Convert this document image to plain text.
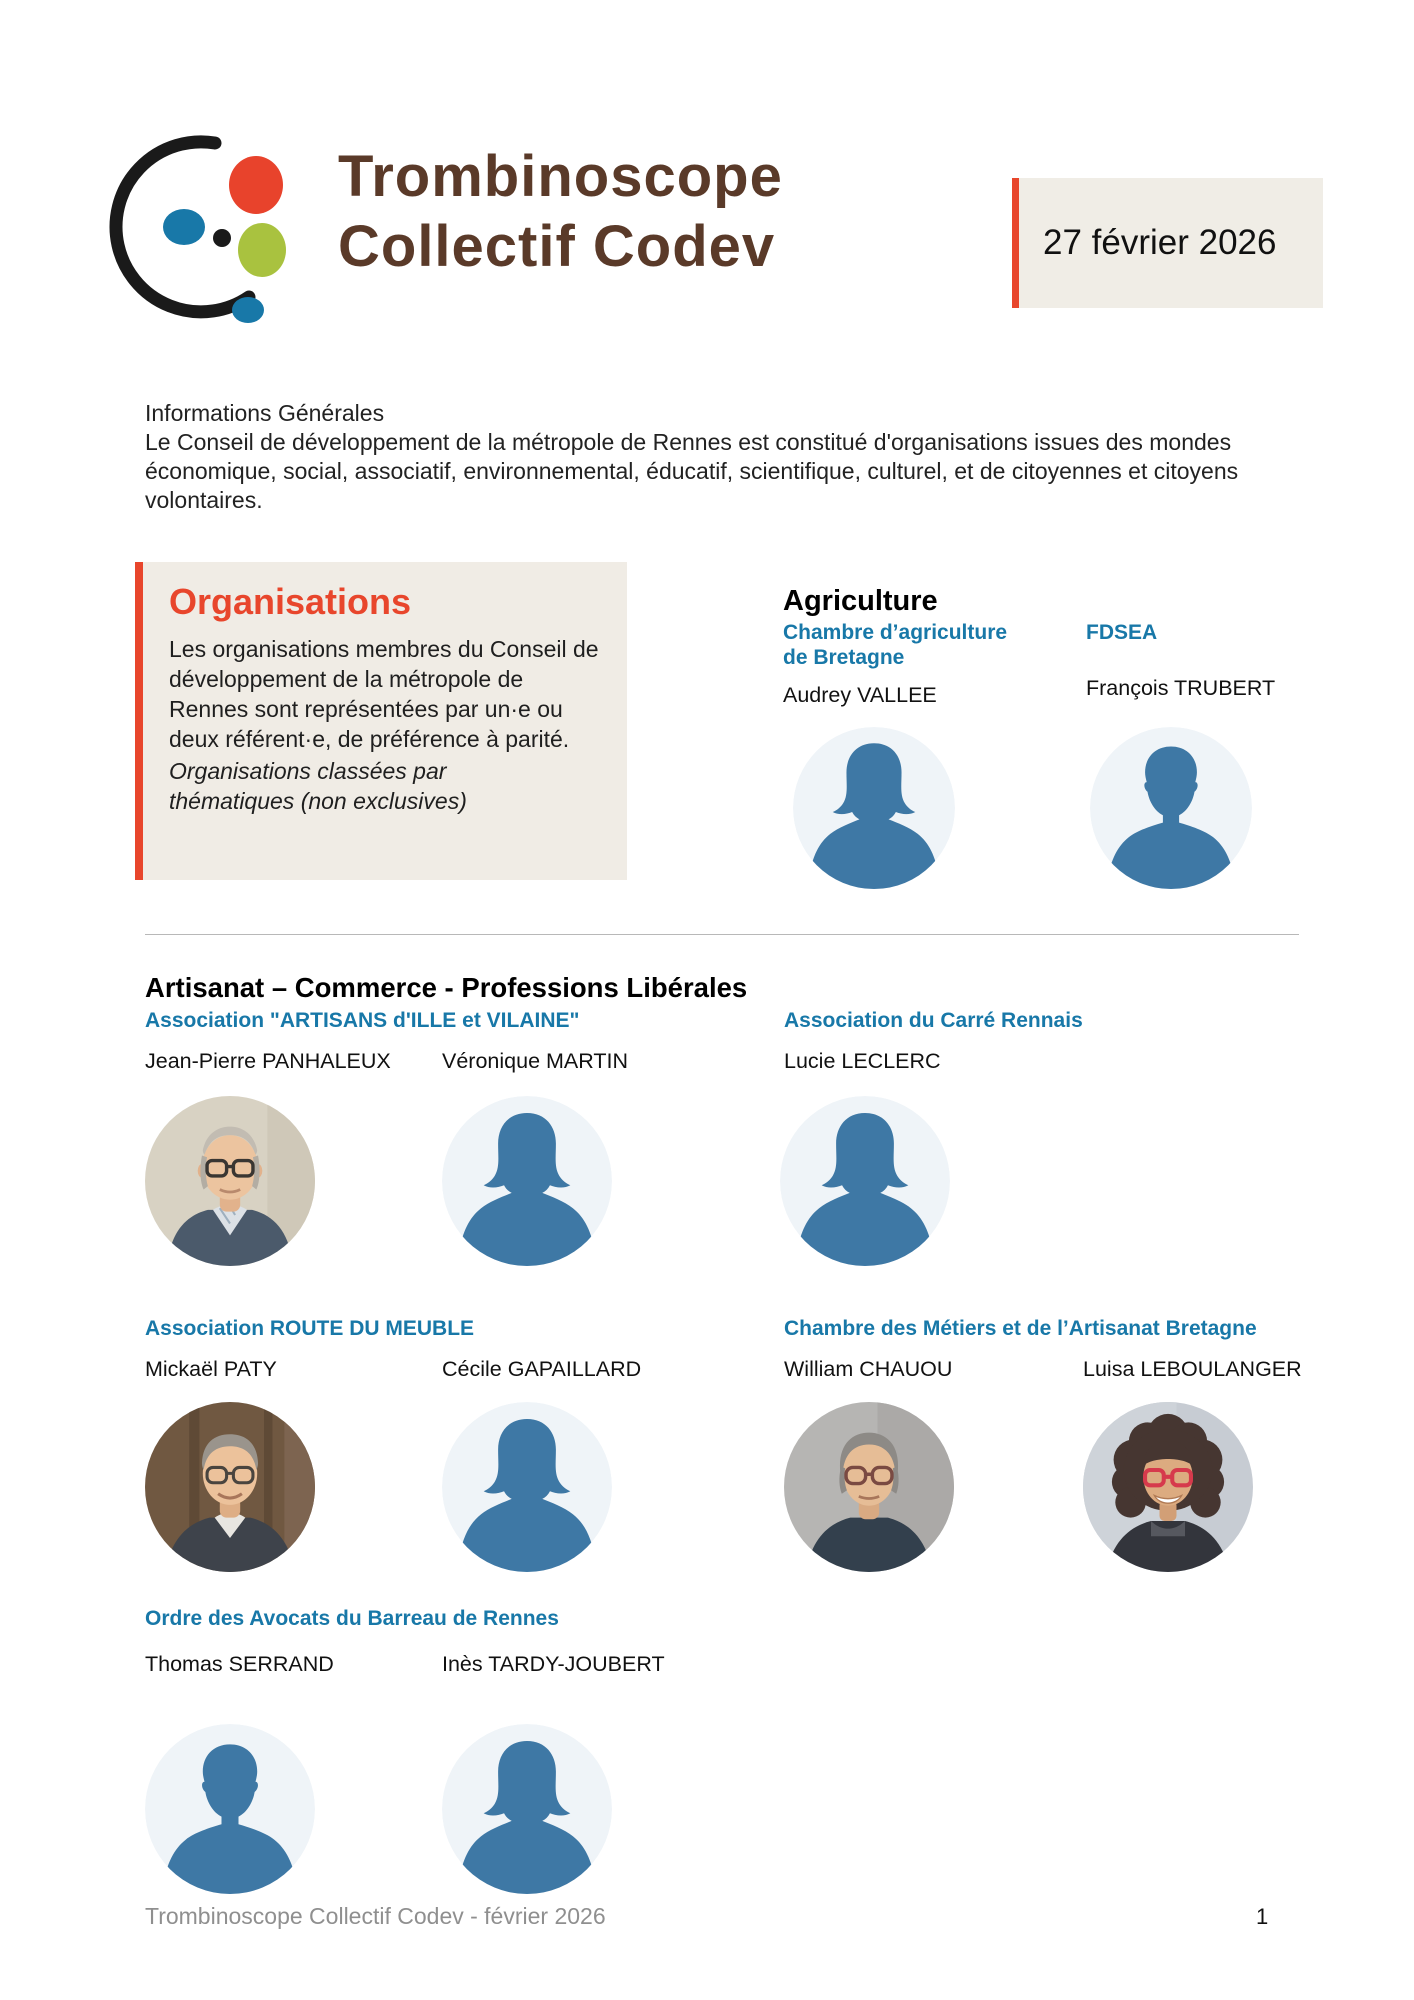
Trombinoscope
Collectif Codev	27 février 2026
Informations Générales
Le Conseil de développement de la métropole de Rennes est constitué d'organisations issues des mondes économique, social, associatif, environnemental, éducatif, scientifique, culturel, et de citoyennes et citoyens volontaires.
Organisations

Les organisations membres du Conseil de développement de la métropole de Rennes sont représentées par un·e ou deux référent·e, de préférence à parité.

Organisations classées par thématiques (non exclusives)

Agriculture
Chambre d’agriculture de Bretagne
FDSEA
Audrey VALLEE	François TRUBERT
Artisanat – Commerce - Professions Libérales
Association "ARTISANS d'ILLE et VILAINE"	Association du Carré Rennais
Jean-Pierre PANHALEUX Véronique MARTIN	Lucie LECLERC
Association ROUTE DU MEUBLE	Chambre des Métiers et de l’Artisanat Bretagne
Mickaël PATY	Cécile GAPAILLARD	William CHAUOU	Luisa LEBOULANGER
Ordre des Avocats du Barreau de Rennes
Thomas SERRAND	Inès TARDY-JOUBERT
Trombinoscope Collectif Codev - février 2026	1
